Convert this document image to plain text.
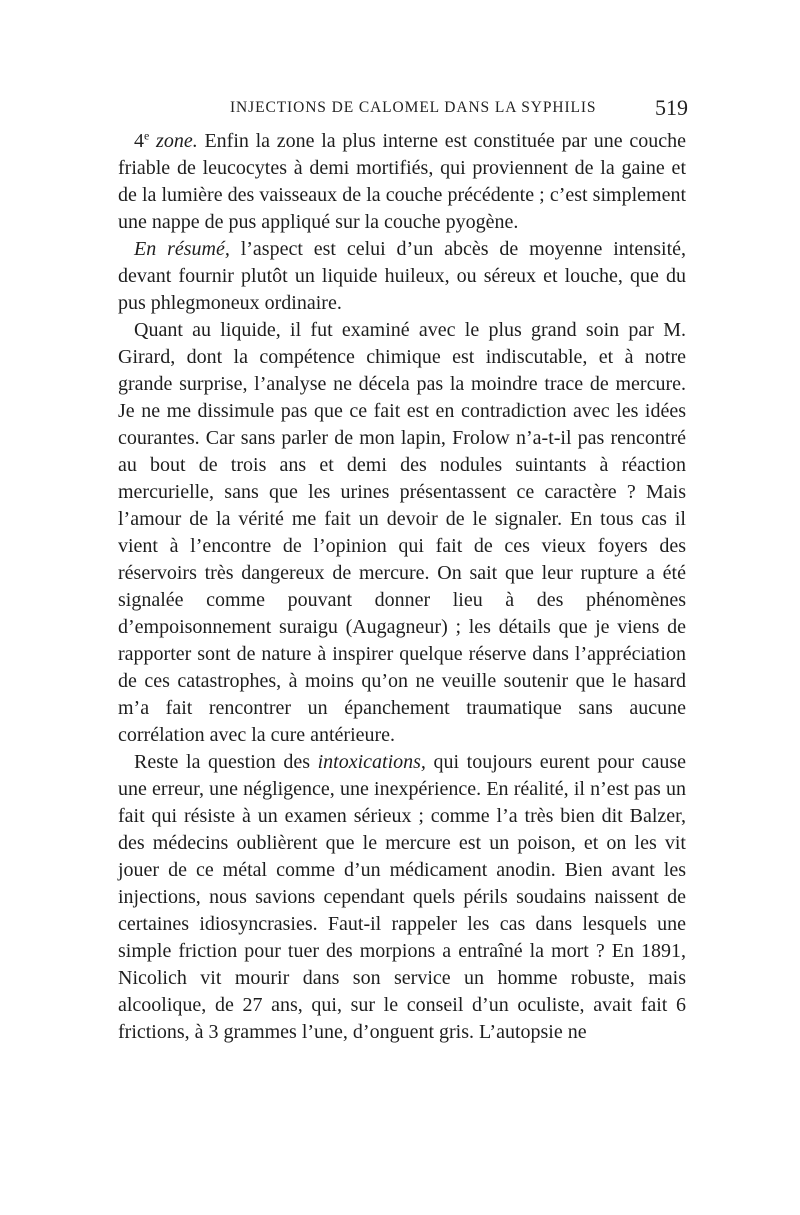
INJECTIONS DE CALOMEL DANS LA SYPHILIS	519

4e zone. Enfin la zone la plus interne est constituée par une couche friable de leucocytes à demi mortifiés, qui proviennent de la gaine et de la lumière des vaisseaux de la couche précédente ; c’est simplement une nappe de pus appliqué sur la couche pyogène.

En résumé, l’aspect est celui d’un abcès de moyenne intensité, devant fournir plutôt un liquide huileux, ou séreux et louche, que du pus phlegmoneux ordinaire.

Quant au liquide, il fut examiné avec le plus grand soin par M. Girard, dont la compétence chimique est indiscutable, et à notre grande surprise, l’analyse ne décela pas la moindre trace de mercure. Je ne me dissimule pas que ce fait est en contradiction avec les idées courantes. Car sans parler de mon lapin, Frolow n’a-t-il pas rencontré au bout de trois ans et demi des nodules suintants à réaction mercurielle, sans que les urines présentassent ce caractère ? Mais l’amour de la vérité me fait un devoir de le signaler. En tous cas il vient à l’encontre de l’opinion qui fait de ces vieux foyers des réservoirs très dangereux de mercure. On sait que leur rupture a été signalée comme pouvant donner lieu à des phénomènes d’empoisonnement suraigu (Augagneur) ; les détails que je viens de rapporter sont de nature à inspirer quelque réserve dans l’appréciation de ces catastrophes, à moins qu’on ne veuille soutenir que le hasard m’a fait rencontrer un épanchement traumatique sans aucune corrélation avec la cure antérieure.

Reste la question des intoxications, qui toujours eurent pour cause une erreur, une négligence, une inexpérience. En réalité, il n’est pas un fait qui résiste à un examen sérieux ; comme l’a très bien dit Balzer, des médecins oublièrent que le mercure est un poison, et on les vit jouer de ce métal comme d’un médicament anodin. Bien avant les injections, nous savions cependant quels périls soudains naissent de certaines idiosyncrasies. Faut-il rappeler les cas dans lesquels une simple friction pour tuer des morpions a entraîné la mort ? En 1891, Nicolich vit mourir dans son service un homme robuste, mais alcoolique, de 27 ans, qui, sur le conseil d’un oculiste, avait fait 6 frictions, à 3 grammes l’une, d’onguent gris. L’autopsie ne
